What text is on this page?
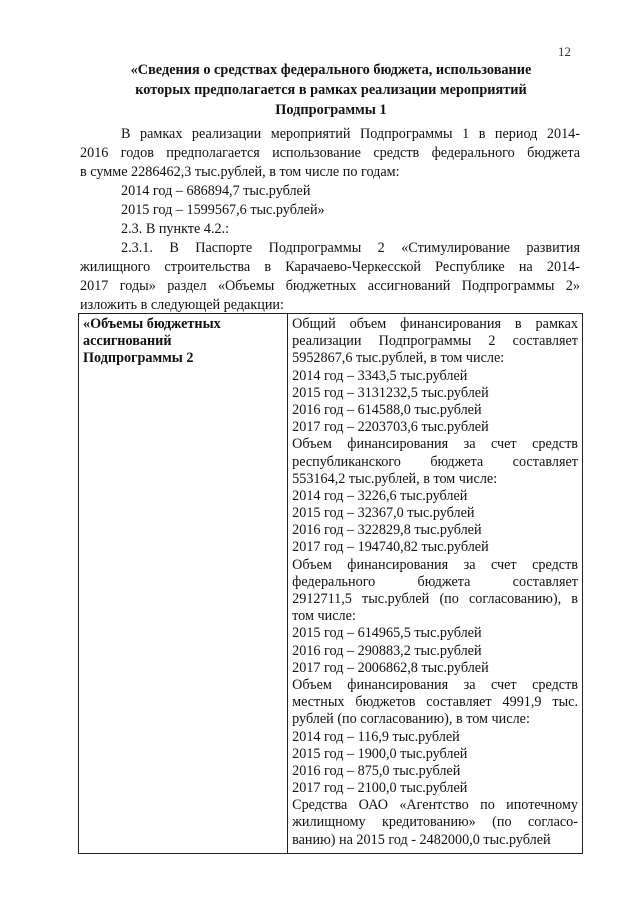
12
«Сведения о средствах федерального бюджета, использование
которых предполагается в рамках реализации мероприятий
Подпрограммы 1
В рамках реализации мероприятий Подпрограммы 1 в период 2014-
2016 годов предполагается использование средств федерального бюджета
в сумме 2286462,3 тыс.рублей, в том числе по годам:
2014 год – 686894,7 тыс.рублей
2015 год – 1599567,6 тыс.рублей»
2.3. В пункте 4.2.:
2.3.1. В Паспорте Подпрограммы 2 «Стимулирование развития
жилищного строительства в Карачаево-Черкесской Республике на 2014-
2017 годы» раздел «Объемы бюджетных ассигнований Подпрограммы 2»
изложить в следующей редакции:
«Объемы бюджетных
ассигнований
Подпрограммы 2

Общий объем финансирования в рамках
реализации Подпрограммы 2 составляет
5952867,6 тыс.рублей, в том числе:
2014 год – 3343,5 тыс.рублей
2015 год – 3131232,5 тыс.рублей
2016 год – 614588,0 тыс.рублей
2017 год – 2203703,6 тыс.рублей
Объем финансирования за счет средств
республиканского бюджета составляет
553164,2 тыс.рублей, в том числе:
2014 год – 3226,6 тыс.рублей
2015 год – 32367,0 тыс.рублей
2016 год – 322829,8 тыс.рублей
2017 год – 194740,82 тыс.рублей
Объем финансирования за счет средств
федерального бюджета составляет
2912711,5 тыс.рублей (по согласованию), в
том числе:
2015 год – 614965,5 тыс.рублей
2016 год – 290883,2 тыс.рублей
2017 год – 2006862,8 тыс.рублей
Объем финансирования за счет средств
местных бюджетов составляет 4991,9 тыс.
рублей (по согласованию), в том числе:
2014 год – 116,9 тыс.рублей
2015 год – 1900,0 тыс.рублей
2016 год – 875,0 тыс.рублей
2017 год – 2100,0 тыс.рублей
Средства ОАО «Агентство по ипотечному
жилищному кредитованию» (по согласо-
ванию) на 2015 год - 2482000,0 тыс.рублей
